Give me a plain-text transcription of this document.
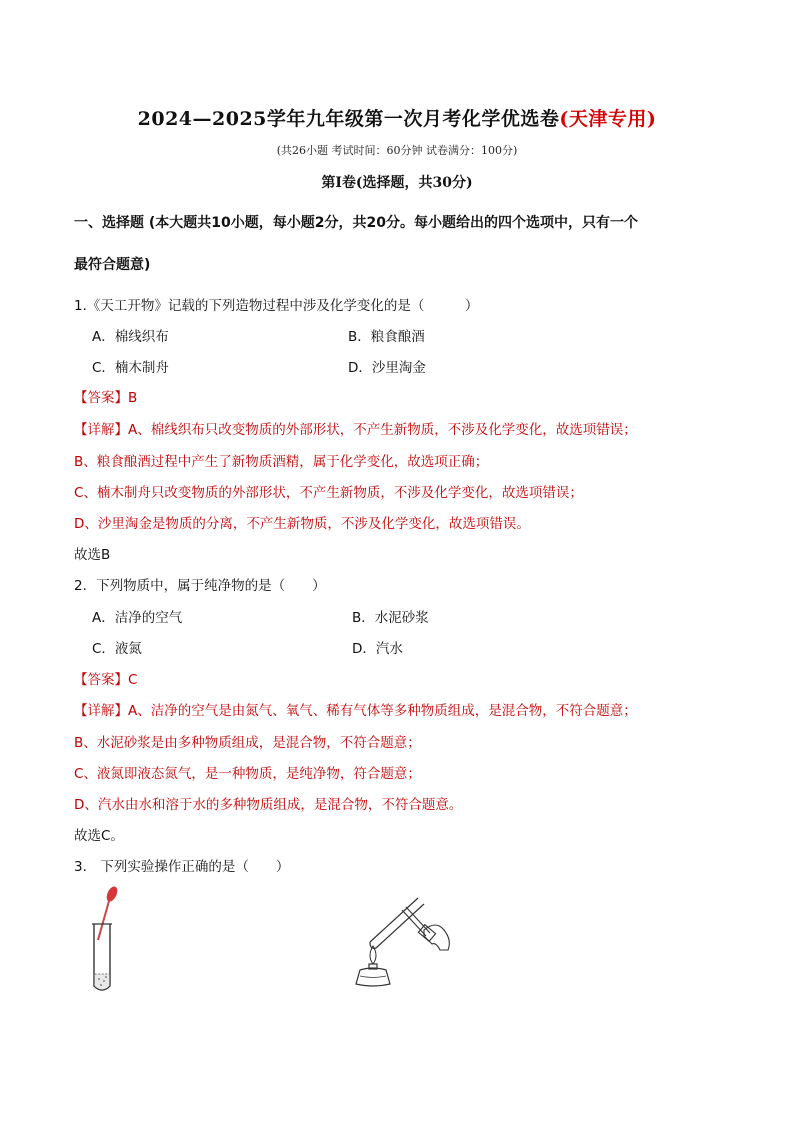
2024—2025学年九年级第一次月考化学优选卷(天津专用)
(共26小题 考试时间：60分钟 试卷满分：100分)
第I卷(选择题，共30分)
一、选择题 (本大题共10小题，每小题2分，共20分。每小题给出的四个选项中，只有一个
最符合题意)
1.《天工开物》记载的下列造物过程中涉及化学变化的是（　　　）
A．棉线织布	B．粮食酿酒
C．楠木制舟	D．沙里淘金
【答案】B
【详解】A、棉线织布只改变物质的外部形状，不产生新物质，不涉及化学变化，故选项错误；
B、粮食酿酒过程中产生了新物质酒精，属于化学变化，故选项正确；
C、楠木制舟只改变物质的外部形状，不产生新物质，不涉及化学变化，故选项错误；
D、沙里淘金是物质的分离，不产生新物质，不涉及化学变化，故选项错误。
故选B
2．下列物质中，属于纯净物的是（　　）
A．洁净的空气	B．水泥砂浆
C．液氮	D．汽水
【答案】C
【详解】A、洁净的空气是由氮气、氧气、稀有气体等多种物质组成，是混合物，不符合题意；
B、水泥砂浆是由多种物质组成，是混合物，不符合题意；
C、液氮即液态氮气，是一种物质，是纯净物，符合题意；
D、汽水由水和溶于水的多种物质组成，是混合物，不符合题意。
故选C。
3． 下列实验操作正确的是（　　）
